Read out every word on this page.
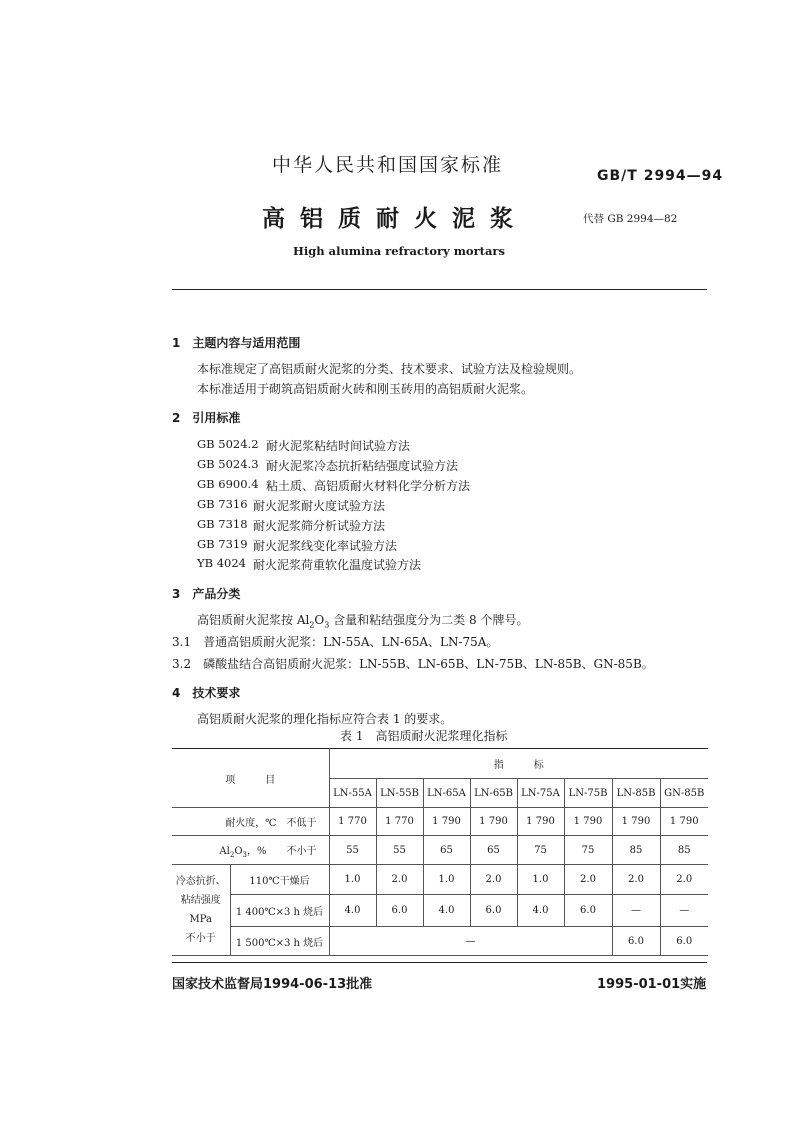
中华人民共和国国家标准	GB/T 2994—94
高铝质耐火泥浆	代替 GB 2994—82
High alumina refractory mortars
1　主题内容与适用范围
本标准规定了高铝质耐火泥浆的分类、技术要求、试验方法及检验规则。
本标准适用于砌筑高铝质耐火砖和刚玉砖用的高铝质耐火泥浆。
2　引用标准
GB 5024.2 耐火泥浆粘结时间试验方法
GB 5024.3 耐火泥浆冷态抗折粘结强度试验方法
GB 6900.4 粘土质、高铝质耐火材料化学分析方法
GB 7316 耐火泥浆耐火度试验方法
GB 7318 耐火泥浆筛分析试验方法
GB 7319 耐火泥浆线变化率试验方法
YB 4024 耐火泥浆荷重软化温度试验方法
3　产品分类
高铝质耐火泥浆按 $Al_2O_3$ 含量和粘结强度分为二类 8 个牌号。
3.1　普通高铝质耐火泥浆：LN-55A、LN-65A、LN-75A。
3.2　磷酸盐结合高铝质耐火泥浆：LN-55B、LN-65B、LN-75B、LN-85B、GN-85B。
4　技术要求
高铝质耐火泥浆的理化指标应符合表 1 的要求。
表 1　高铝质耐火泥浆理化指标
项　　　目		指　　　标							
		LN-55A	LN-55B	LN-65A	LN-65B	LN-75A	LN-75B	LN-85B	GN-85B
耐火度，℃　不低于		1 770	1 770	1 790	1 790	1 790	1 790	1 790	1 790
$Al_2O_3$，%　　不小于		55	55	65	65	75	75	85	85

冷态抗折、
粘结强度
MPa
不小于	110℃干燥后	1.0	2.0	1.0	2.0	1.0	2.0	2.0	2.0
	1 400℃×3 h 烧后	4.0	6.0	4.0	6.0	4.0	6.0	—	—
	1 500℃×3 h 烧后	—						6.0	6.0
国家技术监督局1994-06-13批准	1995-01-01实施
